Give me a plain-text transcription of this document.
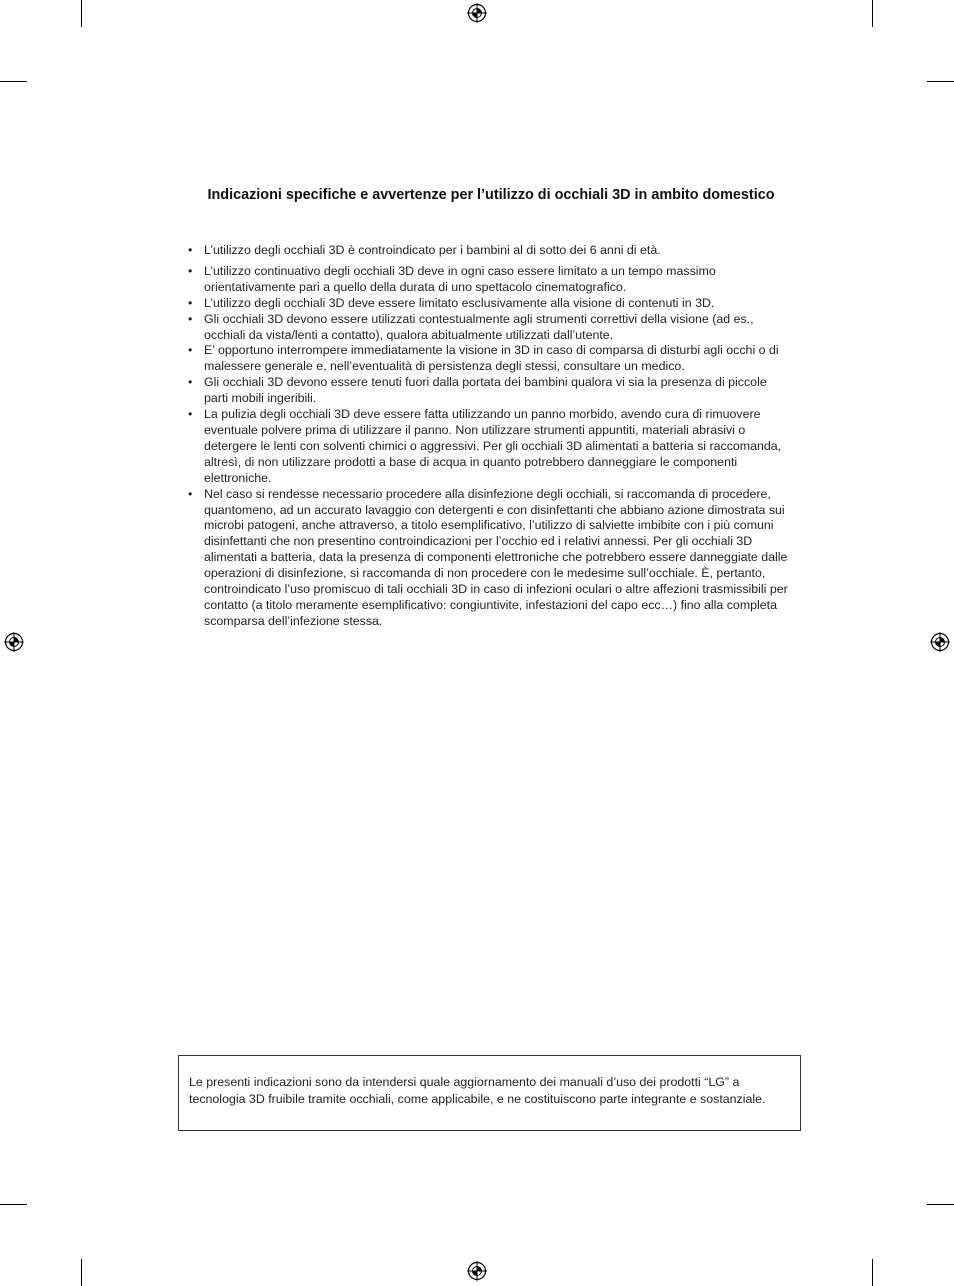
Indicazioni specifiche e avvertenze per l’utilizzo di occhiali 3D in ambito domestico
• L’utilizzo degli occhiali 3D è controindicato per i bambini al di sotto dei 6 anni di età.
• L’utilizzo continuativo degli occhiali 3D deve in ogni caso essere limitato a un tempo massimo orientativamente pari a quello della durata di uno spettacolo cinematografico.
• L’utilizzo degli occhiali 3D deve essere limitato esclusivamente alla visione di contenuti in 3D.
• Gli occhiali 3D devono essere utilizzati contestualmente agli strumenti correttivi della visione (ad es., occhiali da vista/lenti a contatto), qualora abitualmente utilizzati dall’utente.
• E’ opportuno interrompere immediatamente la visione in 3D in caso di comparsa di disturbi agli occhi o di malessere generale e, nell’eventualità di persistenza degli stessi, consultare un medico.
• Gli occhiali 3D devono essere tenuti fuori dalla portata dei bambini qualora vi sia la presenza di piccole parti mobili ingeribili.
• La pulizia degli occhiali 3D deve essere fatta utilizzando un panno morbido, avendo cura di rimuovere eventuale polvere prima di utilizzare il panno. Non utilizzare strumenti appuntiti, materiali abrasivi o detergere le lenti con solventi chimici o aggressivi. Per gli occhiali 3D alimentati a batteria si raccomanda, altresì, di non utilizzare prodotti a base di acqua in quanto potrebbero danneggiare le componenti elettroniche.
• Nel caso si rendesse necessario procedere alla disinfezione degli occhiali, si raccomanda di procedere, quantomeno, ad un accurato lavaggio con detergenti e con disinfettanti che abbiano azione dimostrata sui microbi patogeni, anche attraverso, a titolo esemplificativo, l’utilizzo di salviette imbibite con i più comuni disinfettanti che non presentino controindicazioni per l’occhio ed i relativi annessi. Per gli occhiali 3D alimentati a batteria, data la presenza di componenti elettroniche che potrebbero essere danneggiate dalle operazioni di disinfezione, si raccomanda di non procedere con le medesime sull’occhiale. È, pertanto, controindicato l’uso promiscuo di tali occhiali 3D in caso di infezioni oculari o altre affezioni trasmissibili per contatto (a titolo meramente esemplificativo: congiuntivite, infestazioni del capo ecc…) fino alla completa scomparsa dell’infezione stessa.

Le presenti indicazioni sono da intendersi quale aggiornamento dei manuali d’uso dei prodotti “LG” a tecnologia 3D fruibile tramite occhiali, come applicabile, e ne costituiscono parte integrante e sostanziale.
